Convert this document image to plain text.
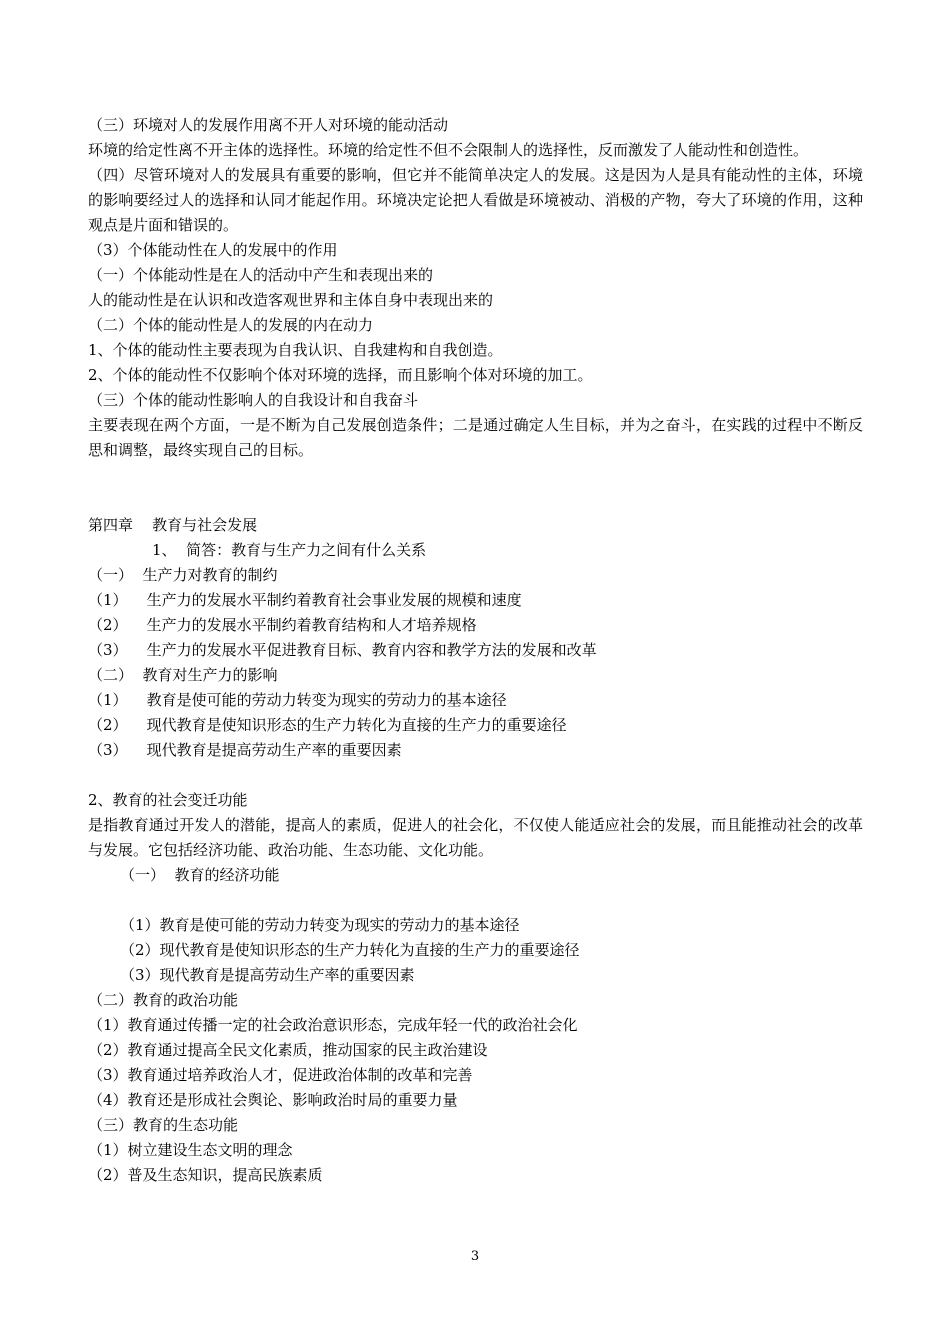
（三）环境对人的发展作用离不开人对环境的能动活动
环境的给定性离不开主体的选择性。环境的给定性不但不会限制人的选择性，反而激发了人能动性和创造性。
（四）尽管环境对人的发展具有重要的影响，但它并不能简单决定人的发展。这是因为人是具有能动性的主体，环境的影响要经过人的选择和认同才能起作用。环境决定论把人看做是环境被动、消极的产物，夸大了环境的作用，这种观点是片面和错误的。
（3）个体能动性在人的发展中的作用
（一）个体能动性是在人的活动中产生和表现出来的
人的能动性是在认识和改造客观世界和主体自身中表现出来的
（二）个体的能动性是人的发展的内在动力
1、个体的能动性主要表现为自我认识、自我建构和自我创造。
2、个体的能动性不仅影响个体对环境的选择，而且影响个体对环境的加工。
（三）个体的能动性影响人的自我设计和自我奋斗
主要表现在两个方面，一是不断为自己发展创造条件；二是通过确定人生目标，并为之奋斗，在实践的过程中不断反思和调整，最终实现自己的目标。
第四章    教育与社会发展
1、  简答：教育与生产力之间有什么关系
（一）  生产力对教育的制约
（1）    生产力的发展水平制约着教育社会事业发展的规模和速度
（2）    生产力的发展水平制约着教育结构和人才培养规格
（3）    生产力的发展水平促进教育目标、教育内容和教学方法的发展和改革
（二）  教育对生产力的影响
（1）    教育是使可能的劳动力转变为现实的劳动力的基本途径
（2）    现代教育是使知识形态的生产力转化为直接的生产力的重要途径
（3）    现代教育是提高劳动生产率的重要因素
2、教育的社会变迁功能
是指教育通过开发人的潜能，提高人的素质，促进人的社会化，不仅使人能适应社会的发展，而且能推动社会的改革与发展。它包括经济功能、政治功能、生态功能、文化功能。
（一）  教育的经济功能
（1）教育是使可能的劳动力转变为现实的劳动力的基本途径
（2）现代教育是使知识形态的生产力转化为直接的生产力的重要途径
（3）现代教育是提高劳动生产率的重要因素
（二）教育的政治功能
（1）教育通过传播一定的社会政治意识形态，完成年轻一代的政治社会化
（2）教育通过提高全民文化素质，推动国家的民主政治建设
（3）教育通过培养政治人才，促进政治体制的改革和完善
（4）教育还是形成社会舆论、影响政治时局的重要力量
（三）教育的生态功能
（1）树立建设生态文明的理念
（2）普及生态知识，提高民族素质
3
